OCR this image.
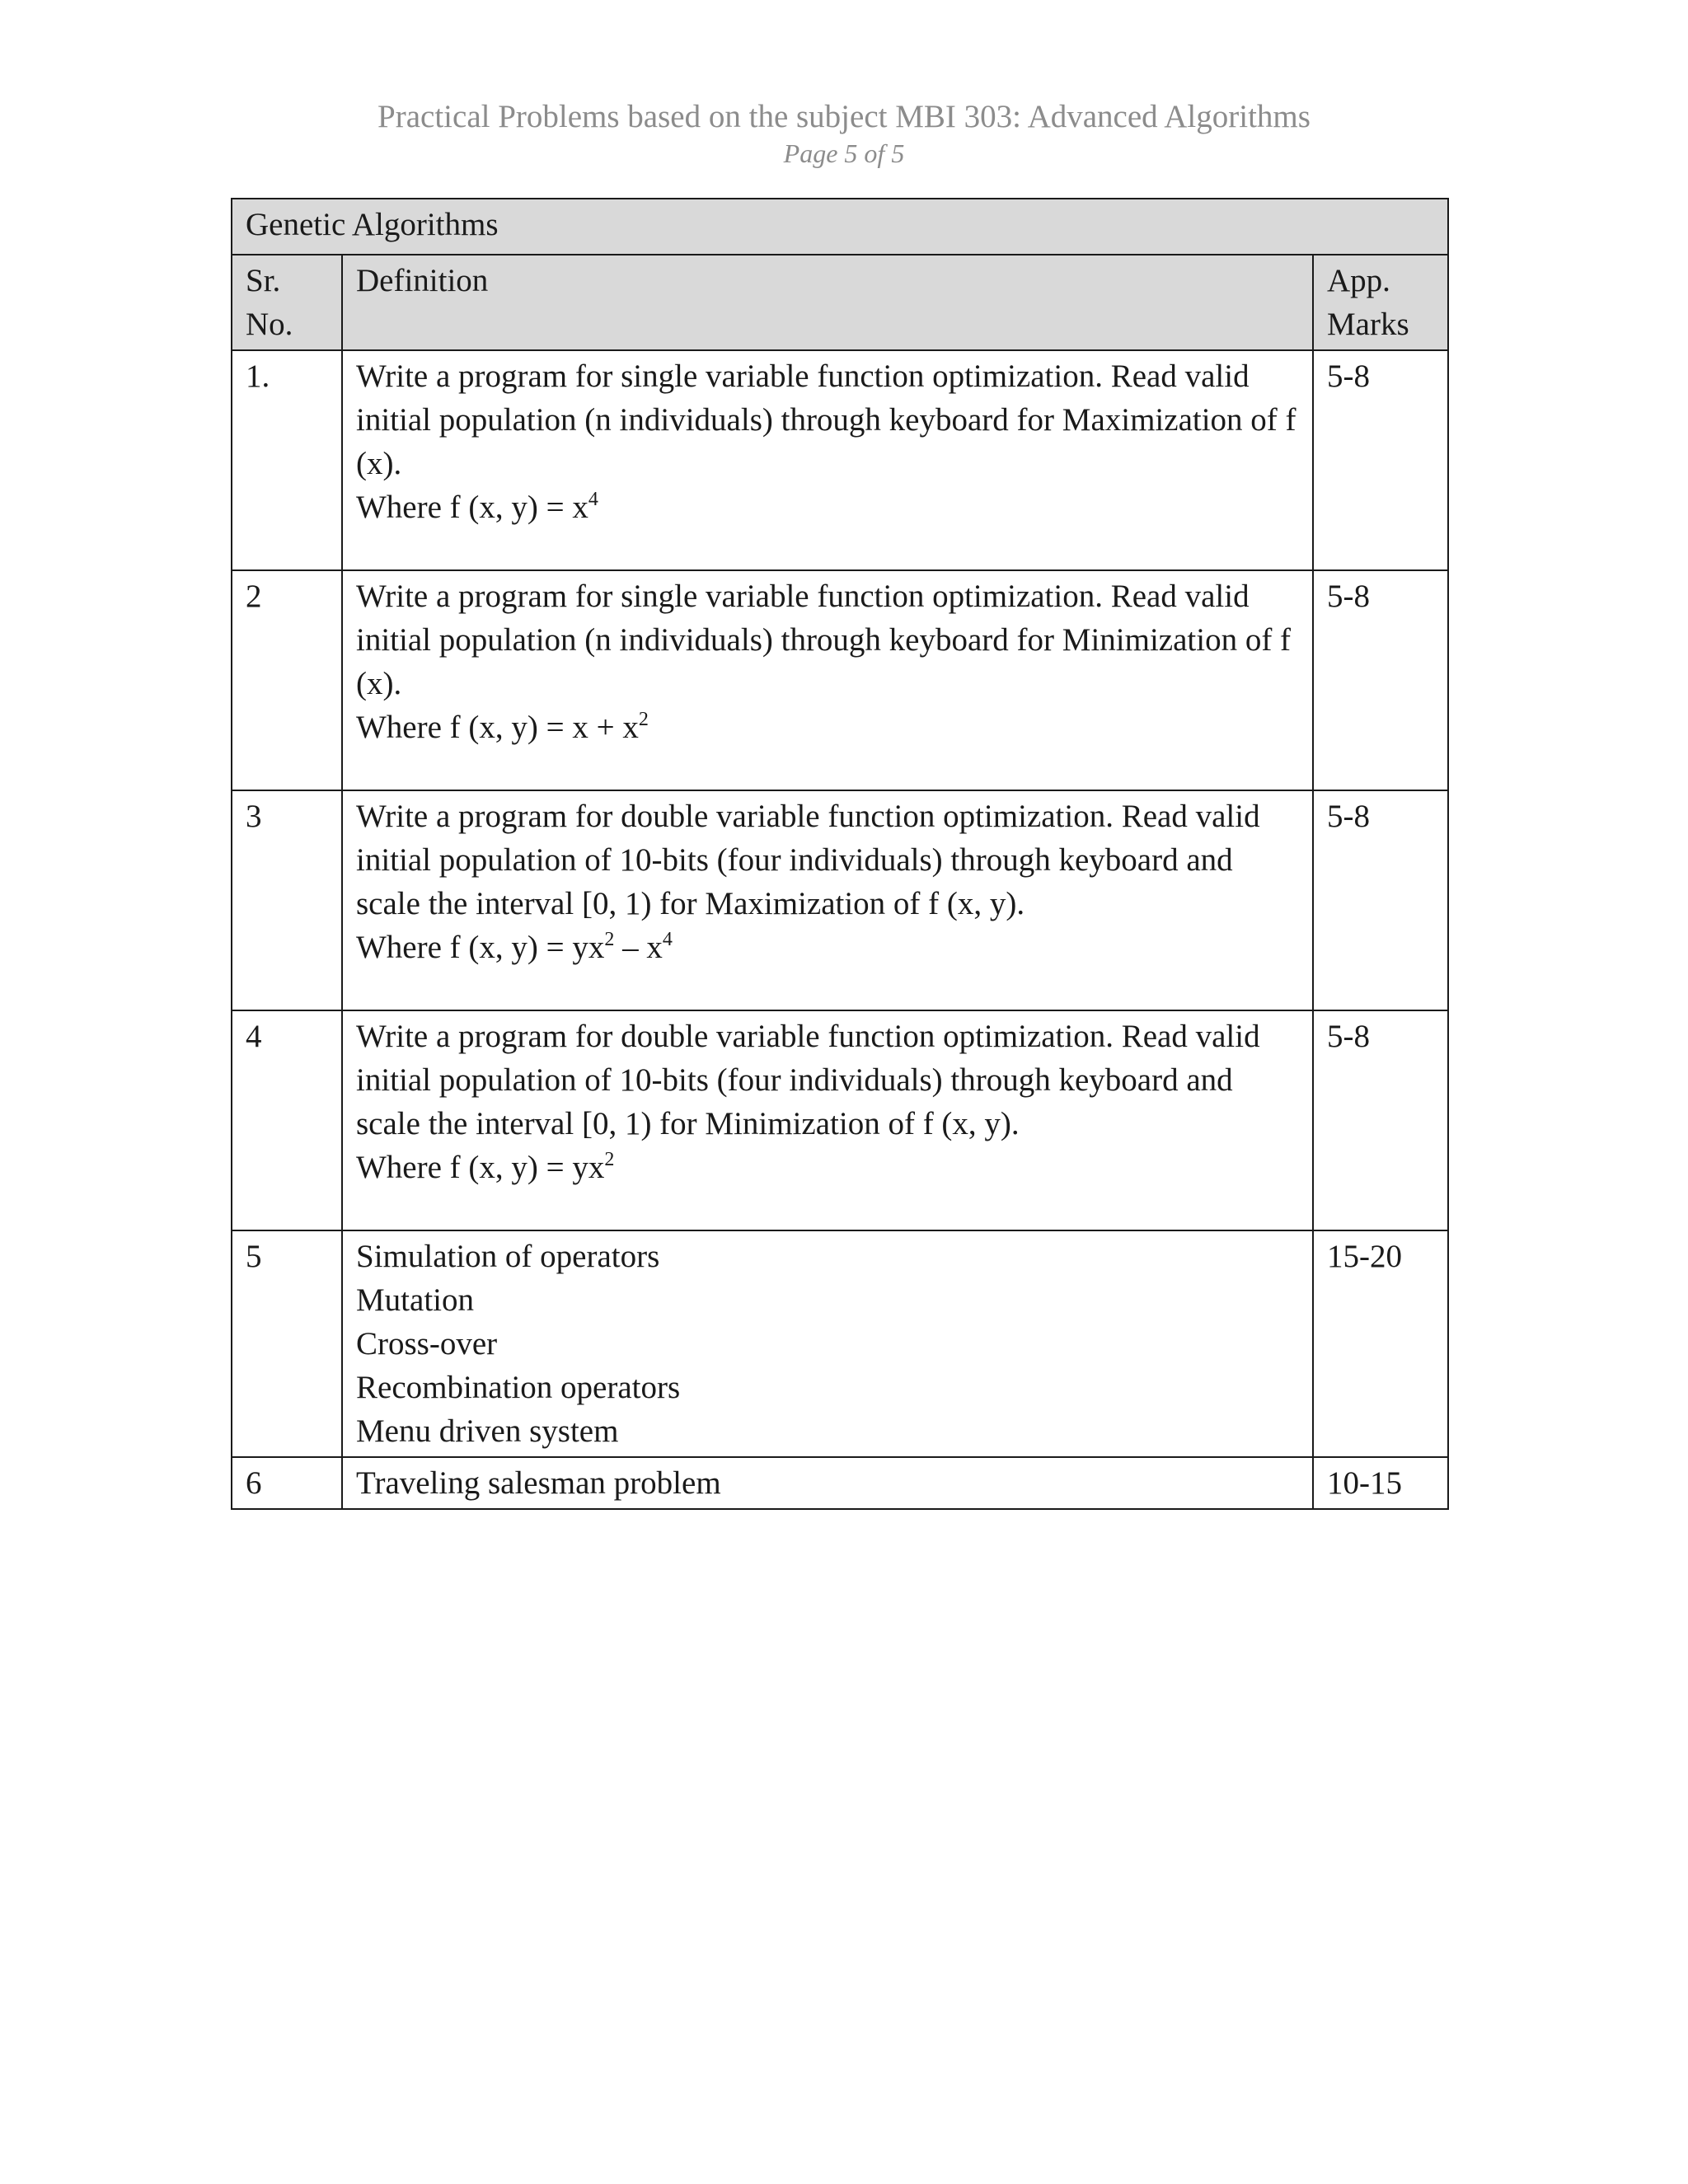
Practical Problems based on the subject MBI 303: Advanced Algorithms
Page 5 of 5
Genetic Algorithms		
Sr. No.	Definition	App. Marks
1.	Write a program for single variable function optimization. Read valid initial population (n individuals) through keyboard for Maximization of f (x).
Where f (x, $y) = x^4$	5-8
2	Write a program for single variable function optimization. Read valid initial population (n individuals) through keyboard for Minimization of f (x).
Where f (x, $y) = x + x^2$	5-8
3	Write a program for double variable function optimization. Read valid initial population of 10-bits (four individuals) through keyboard and scale the interval [0, 1) for Maximization of f (x, y).
Where f (x, $y) = yx^2 - x^4$	5-8
4	Write a program for double variable function optimization. Read valid initial population of 10-bits (four individuals) through keyboard and scale the interval [0, 1) for Minimization of f (x, y).
Where f (x, $y) = yx^2$	5-8
5	Simulation of operators
Mutation
Cross-over
Recombination operators
Menu driven system	15-20
6	Traveling salesman problem	10-15
